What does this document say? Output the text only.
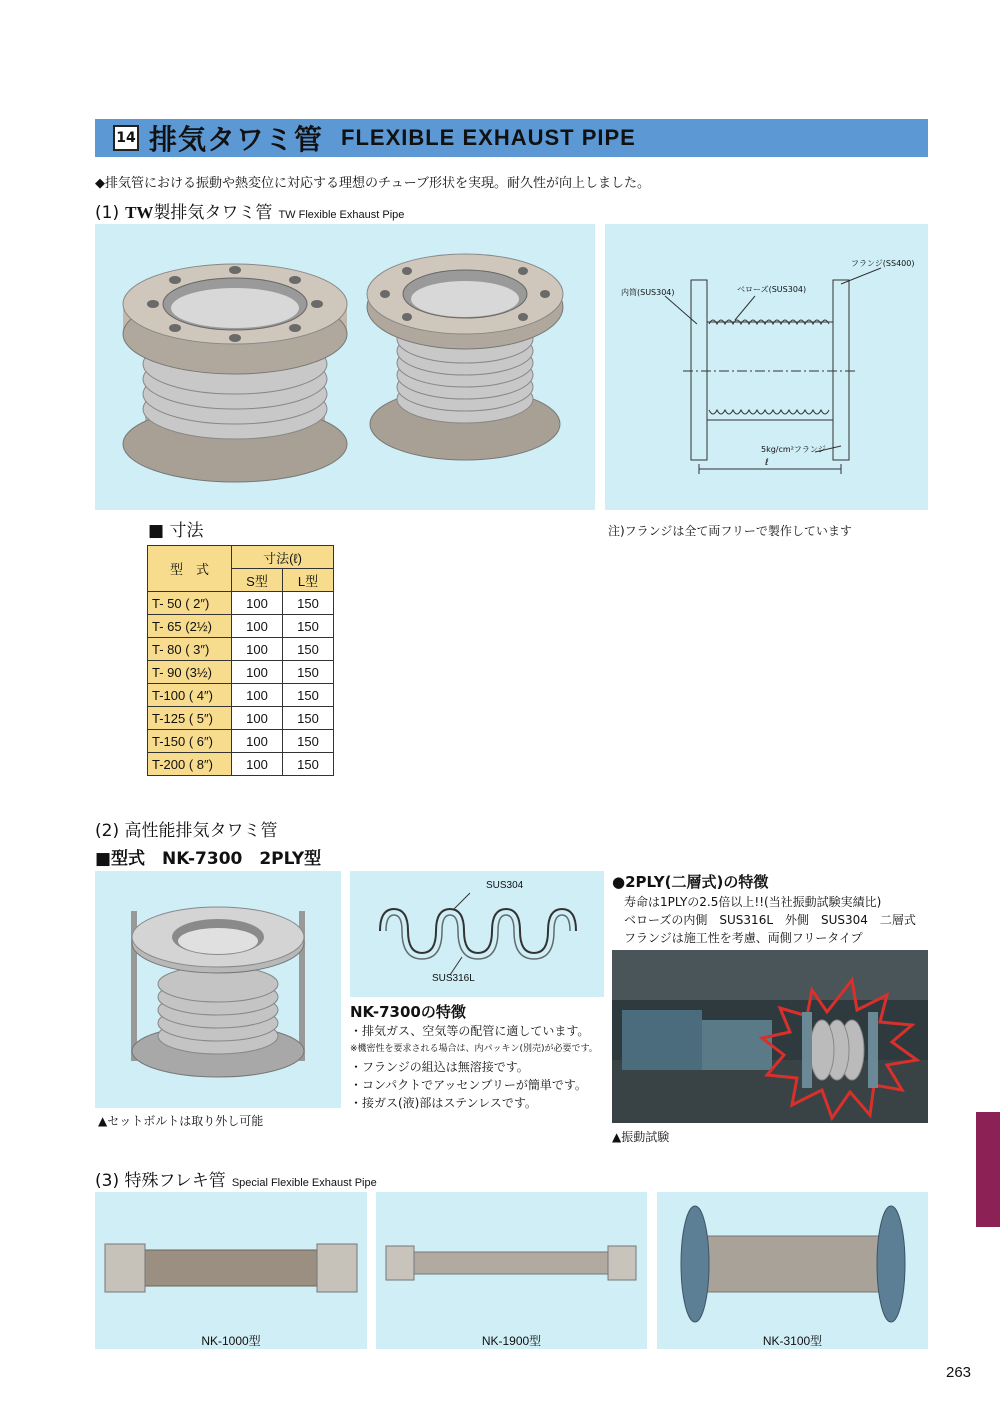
14 排気タワミ管 FLEXIBLE EXHAUST PIPE
◆排気管における振動や熱変位に対応する理想のチューブ形状を実現。耐久性が向上しました。
(1) TW 製排気タワミ管 TW Flexible Exhaust Pipe
フランジ(SS400)
内筒(SUS304)	ベローズ(SUS304)
5kg/cm²フランジ
ℓ
注)フランジは全て両フリーで製作しています
■ 寸法
型　式	寸法(ℓ)	
	S型	L型
T- 50 ( 2″)	100	150
T- 65 (2½)	100	150
T- 80 ( 3″)	100	150
T- 90 (3½)	100	150
T-100 ( 4″)	100	150
T-125 ( 5″)	100	150
T-150 ( 6″)	100	150
T-200 ( 8″)	100	150
(2) 高性能排気タワミ管
■型式　NK-7300　2PLY型
▲セットボルトは取り外し可能
SUS304
SUS316L
NK-7300の特徴
・排気ガス、空気等の配管に適しています。
※機密性を要求される場合は、内パッキン(別売)が必要です。
・フランジの組込は無溶接です。
・コンパクトでアッセンブリーが簡単です。
・接ガス(液)部はステンレスです。
●2PLY(二層式)の特徴
寿命は1PLYの2.5倍以上!!(当社振動試験実績比)
ベローズの内側　SUS316L　外側　SUS304　二層式
フランジは施工性を考慮、両側フリータイプ
▲振動試験
(3) 特殊フレキ管 Special Flexible Exhaust Pipe
NK-1000型	NK-1900型	NK-3100型
263
